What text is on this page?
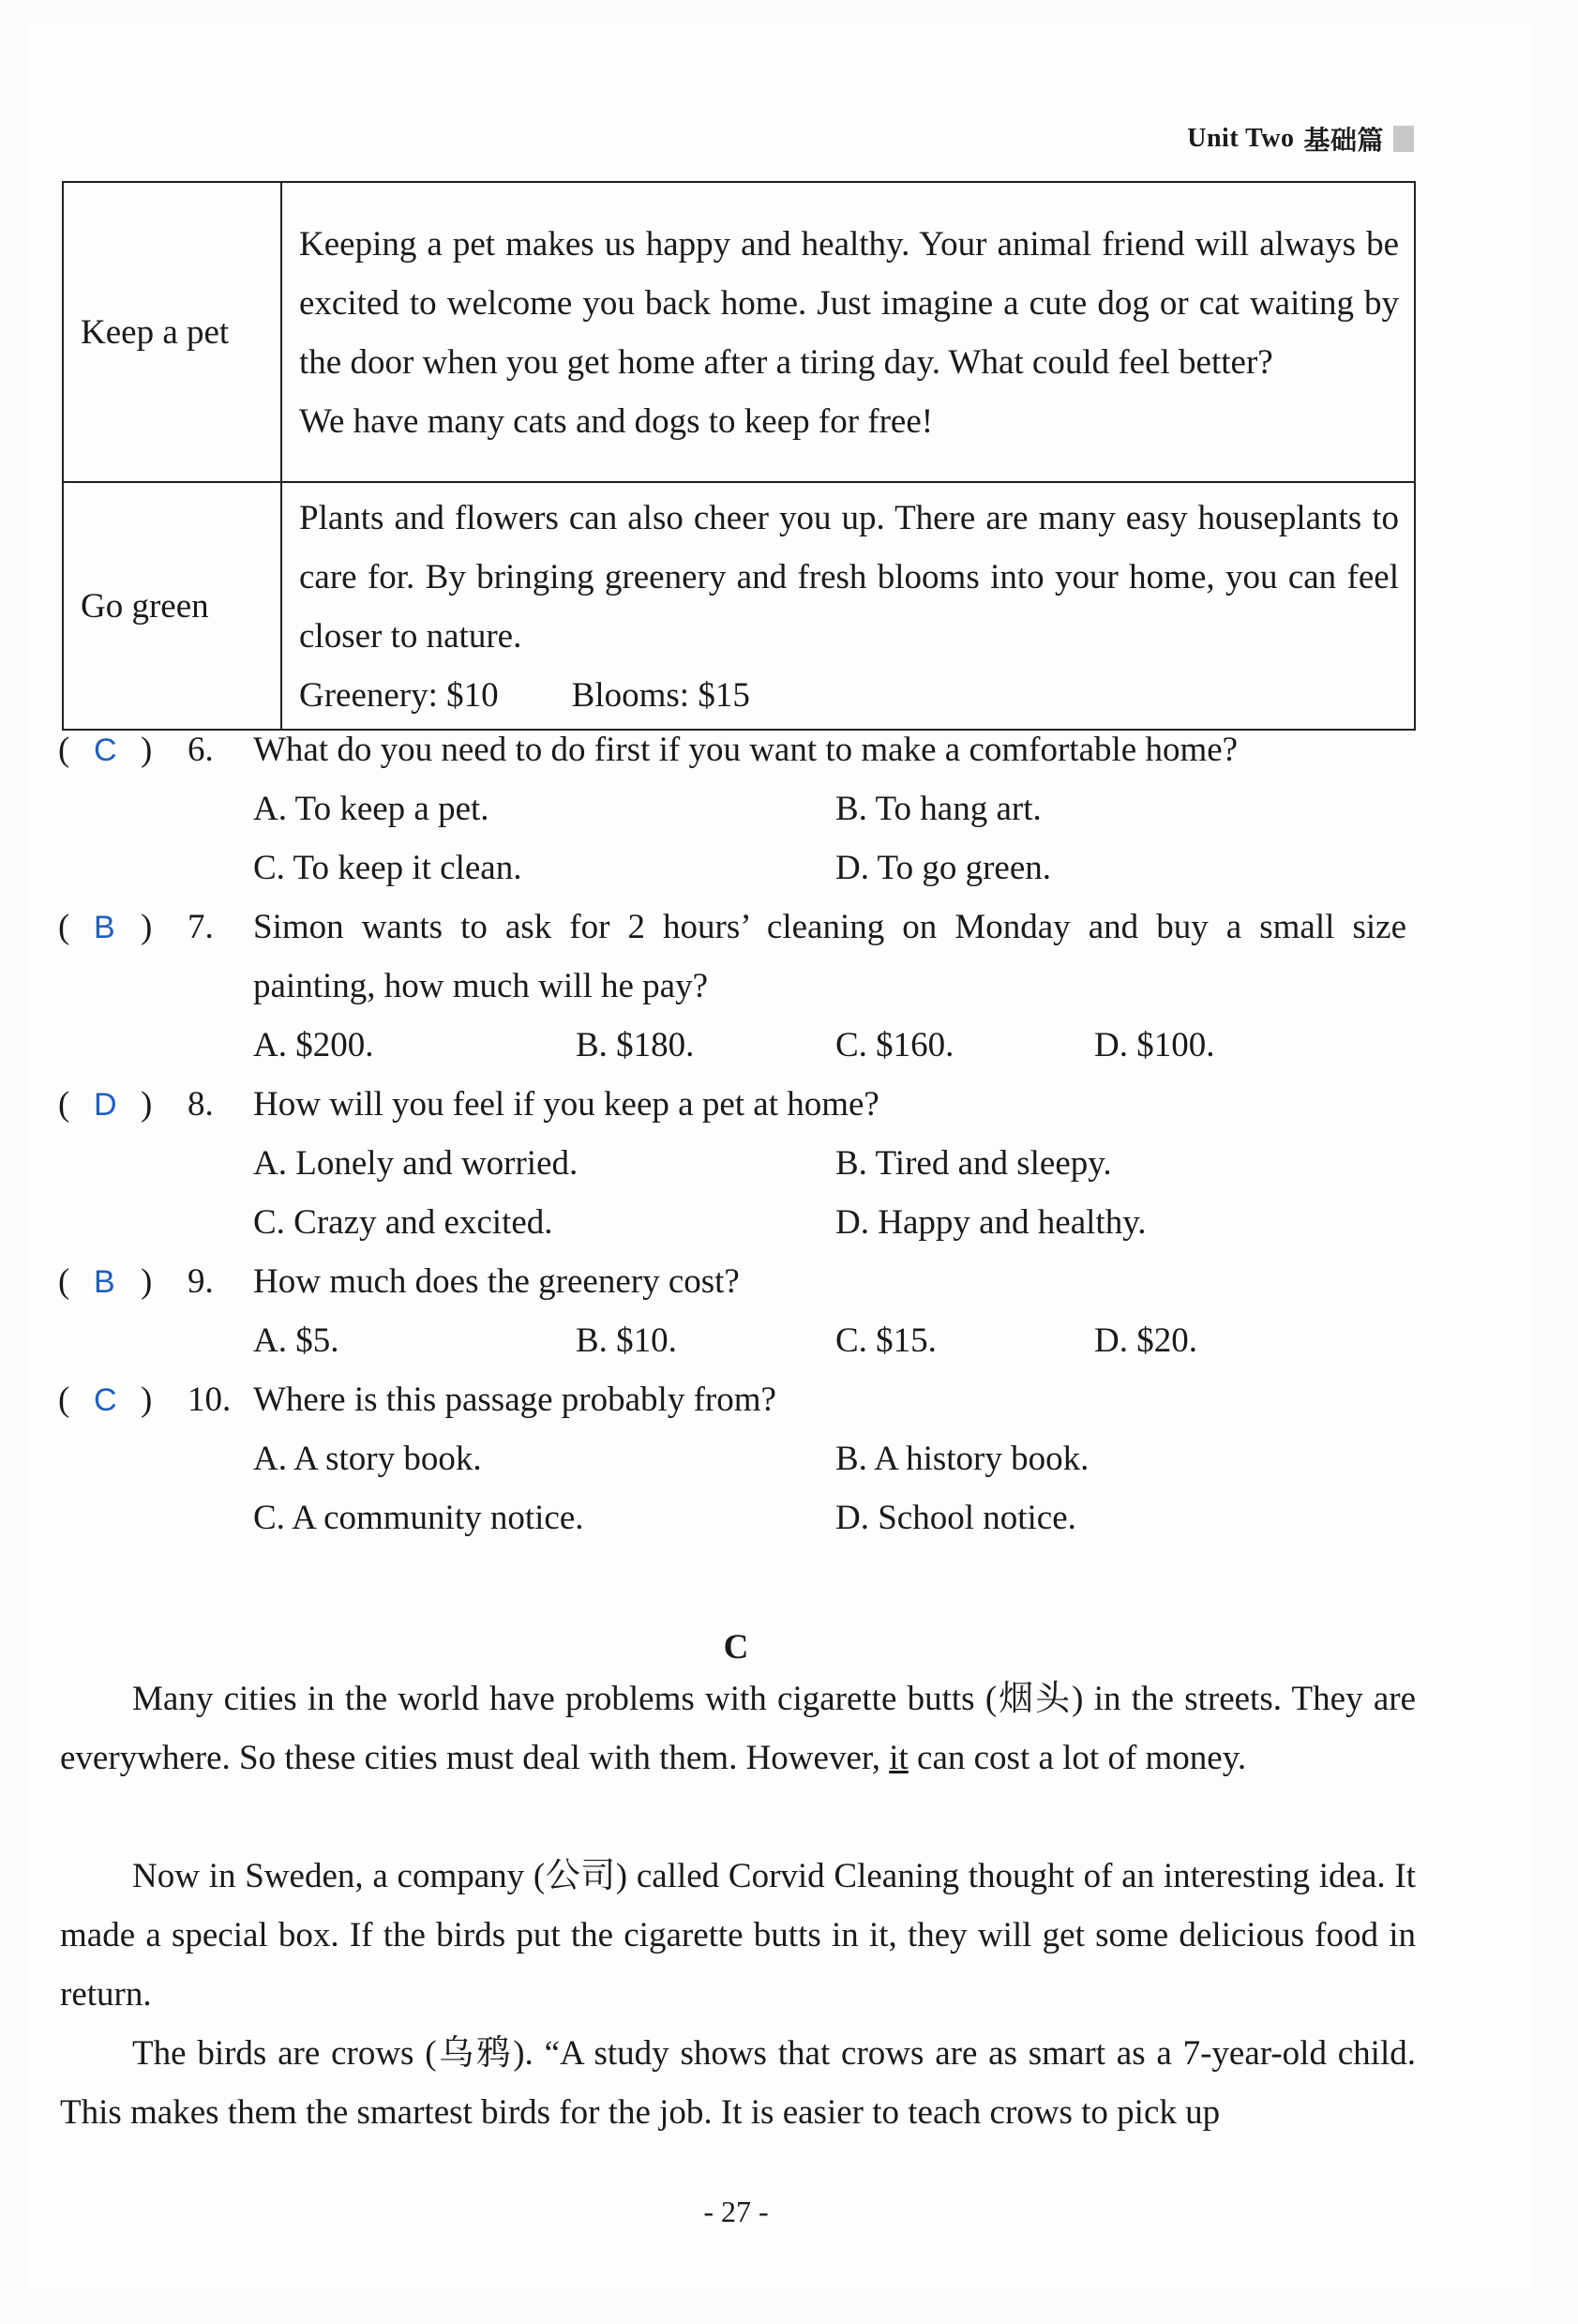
Unit Two 基础篇
Keep a pet	Keeping a pet makes us happy and healthy. Your animal friend will always be excited to welcome you back home. Just imagine a cute dog or cat waiting by the door when you get home after a tiring day. What could feel better?
We have many cats and dogs to keep for free!

Go green	Plants and flowers can also cheer you up. There are many easy houseplants to care for. By bringing greenery and fresh blooms into your home, you can feel closer to nature.
Greenery: $10 Blooms: $15
( C ) 6. What do you need to do first if you want to make a comfortable home?
A. To keep a pet.	B. To hang art.
C. To keep it clean.	D. To go green.
( B ) 7. Simon wants to ask for 2 hours’ cleaning on Monday and buy a small size
painting, how much will he pay?
A. $200.	B. $180.	C. $160.	D. $100.
( D ) 8. How will you feel if you keep a pet at home?
A. Lonely and worried.	B. Tired and sleepy.
C. Crazy and excited.	D. Happy and healthy.
( B ) 9. How much does the greenery cost?
A. $5.	B. $10.	C. $15.	D. $20.
( C ) 10. Where is this passage probably from?
A. A story book.	B. A history book.
C. A community notice.	D. School notice.
C
Many cities in the world have problems with cigarette butts (烟头) in the streets. They are everywhere. So these cities must deal with them. However, it can cost a lot of money.
Now in Sweden, a company (公司) called Corvid Cleaning thought of an interesting idea. It made a special box. If the birds put the cigarette butts in it, they will get some delicious food in return.
The birds are crows (乌鸦). “A study shows that crows are as smart as a 7-year-old child. This makes them the smartest birds for the job. It is easier to teach crows to pick up
- 27 -
